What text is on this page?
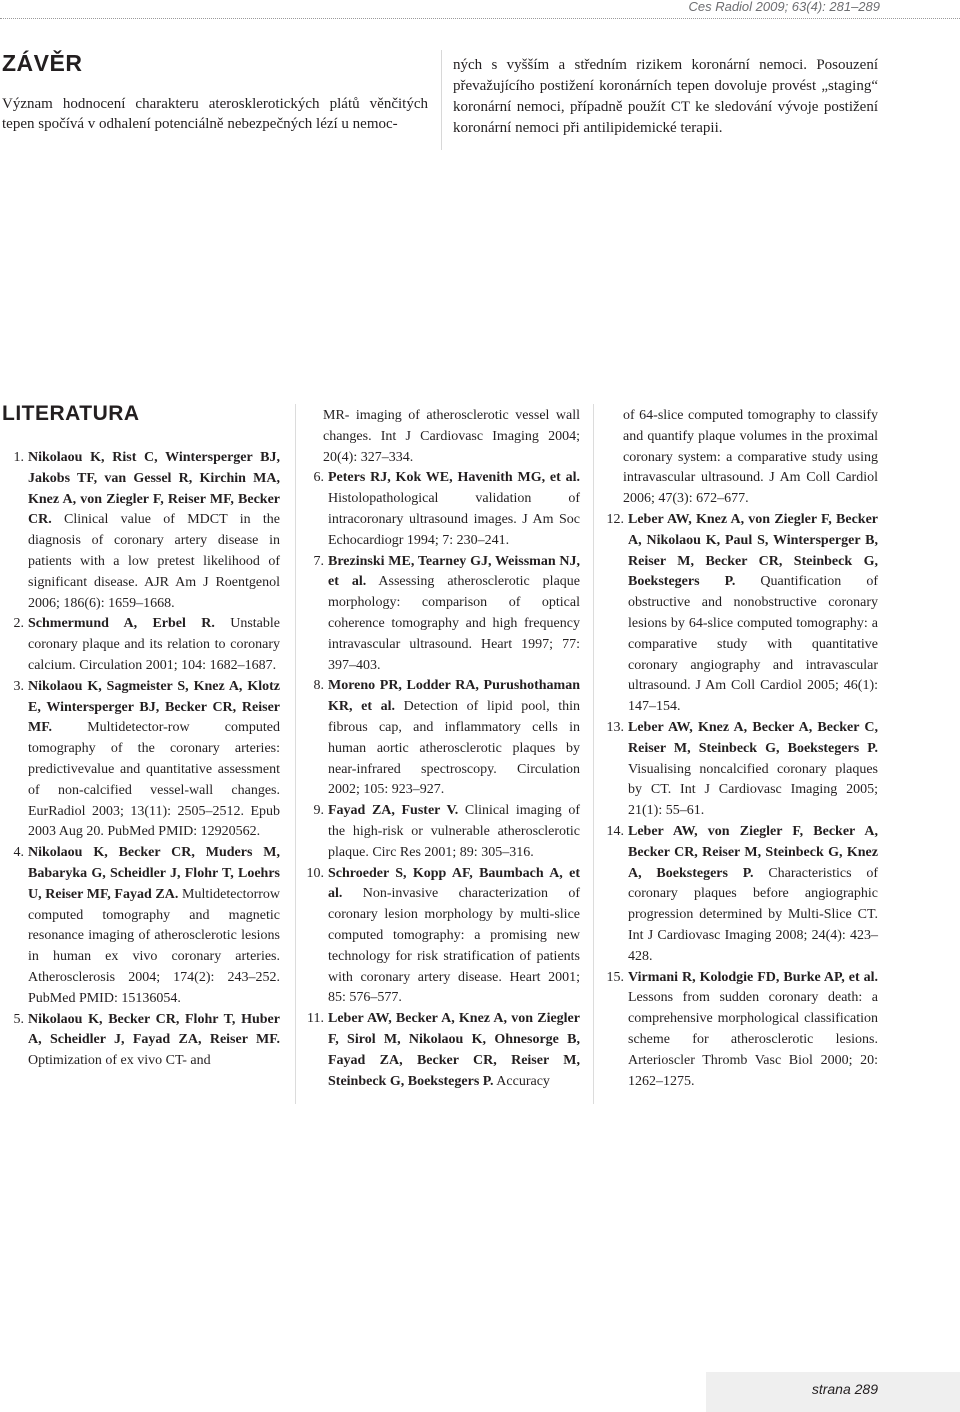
Ces Radiol 2009; 63(4): 281–289
ZÁVĚR

Význam hodnocení charakteru aterosklerotických plátů věnčitých tepen spočívá v odhalení potenciálně nebezpečných lézí u nemoc-

ných s vyšším a středním rizikem koronární nemoci. Posouzení převažujícího postižení koronárních tepen dovoluje provést „staging“ koronární nemoci, případně použít CT ke sledování vývoje postižení koronární nemoci při antilipidemické terapii.

LITERATURA
1. Nikolaou K, Rist C, Wintersperger BJ, Jakobs TF, van Gessel R, Kirchin MA, Knez A, von Ziegler F, Reiser MF, Becker CR. Clinical value of MDCT in the diagnosis of coronary artery disease in patients with a low pretest likelihood of significant disease. AJR Am J Roentgenol 2006; 186(6): 1659–1668.
2. Schmermund A, Erbel R. Unstable coronary plaque and its relation to coronary calcium. Circulation 2001; 104: 1682–1687.
3. Nikolaou K, Sagmeister S, Knez A, Klotz E, Wintersperger BJ, Becker CR, Reiser MF.	Multidetector-row computed tomography of the coronary arteries: predictivevalue and quantitative assessment of non-calcified vessel-wall changes. EurRadiol 2003; 13(11): 2505–2512. Epub 2003 Aug 20. PubMed PMID: 12920562.
4. Nikolaou K, Becker CR, Muders M, Babaryka G, Scheidler J, Flohr T, Loehrs U, Reiser MF, Fayad ZA. Multidetectorrow computed tomography and magnetic resonance imaging of atherosclerotic lesions in human ex vivo coronary arteries. Atherosclerosis 2004; 174(2): 243–252. PubMed PMID: 15136054.
5. Nikolaou K, Becker CR, Flohr T, Huber A, Scheidler J, Fayad ZA, Reiser MF. Optimization of ex vivo CT- and

MR- imaging of atherosclerotic vessel wall changes. Int J Cardiovasc Imaging 2004; 20(4): 327–334.

6. Peters RJ, Kok WE, Havenith MG, et al. Histolopathological validation of intracoronary ultrasound images. J Am Soc Echocardiogr 1994; 7: 230–241.
7. Brezinski ME, Tearney GJ, Weissman NJ, et al. Assessing atherosclerotic plaque morphology: comparison of optical coherence tomography and high frequency intravascular ultrasound. Heart 1997; 77: 397–403.
8. Moreno PR, Lodder RA, Purushothaman KR, et al. Detection of lipid pool, thin fibrous cap, and inflammatory cells in human aortic atherosclerotic plaques by near-infrared spectroscopy. Circulation 2002; 105: 923–927.
9. Fayad ZA, Fuster V. Clinical imaging of the high-risk or vulnerable atherosclerotic plaque. Circ Res 2001; 89: 305–316.
10. Schroeder S, Kopp AF, Baumbach A, et al. Non-invasive characterization of coronary lesion morphology by multi-slice computed tomography: a promising new technology for risk stratification of patients with coronary artery disease. Heart 2001; 85: 576–577.
11. Leber AW, Becker A, Knez A, von Ziegler F, Sirol M, Nikolaou K, Ohnesorge B, Fayad ZA, Becker CR, Reiser M, Steinbeck G, Boekstegers P. Accuracy

of 64-slice computed tomography to classify and quantify plaque volumes in the proximal coronary system: a comparative study using intravascular ultrasound. J Am Coll Cardiol 2006; 47(3): 672–677.

12. Leber AW, Knez A, von Ziegler F, Becker A, Nikolaou K, Paul S, Wintersperger B, Reiser M, Becker CR, Steinbeck G, Boekstegers P. Quantification of obstructive and nonobstructive coronary lesions by 64-slice computed tomography: a comparative study with quantitative coronary angiography and intravascular ultrasound. J Am Coll Cardiol 2005; 46(1): 147–154.
13. Leber AW, Knez A, Becker A, Becker C, Reiser M, Steinbeck G, Boekstegers P. Visualising noncalcified coronary plaques by CT. Int J Cardiovasc Imaging 2005; 21(1): 55–61.
14. Leber AW, von Ziegler F, Becker A, Becker CR, Reiser M, Steinbeck G, Knez A, Boekstegers P. Characteristics of coronary plaques before angiographic progression determined by Multi-Slice CT. Int J Cardiovasc Imaging 2008; 24(4): 423–428.
15. Virmani R, Kolodgie FD, Burke AP, et al. Lessons from sudden coronary death: a comprehensive morphological classification scheme for atherosclerotic lesions. Arterioscler Thromb Vasc Biol 2000; 20: 1262–1275.
strana 289
